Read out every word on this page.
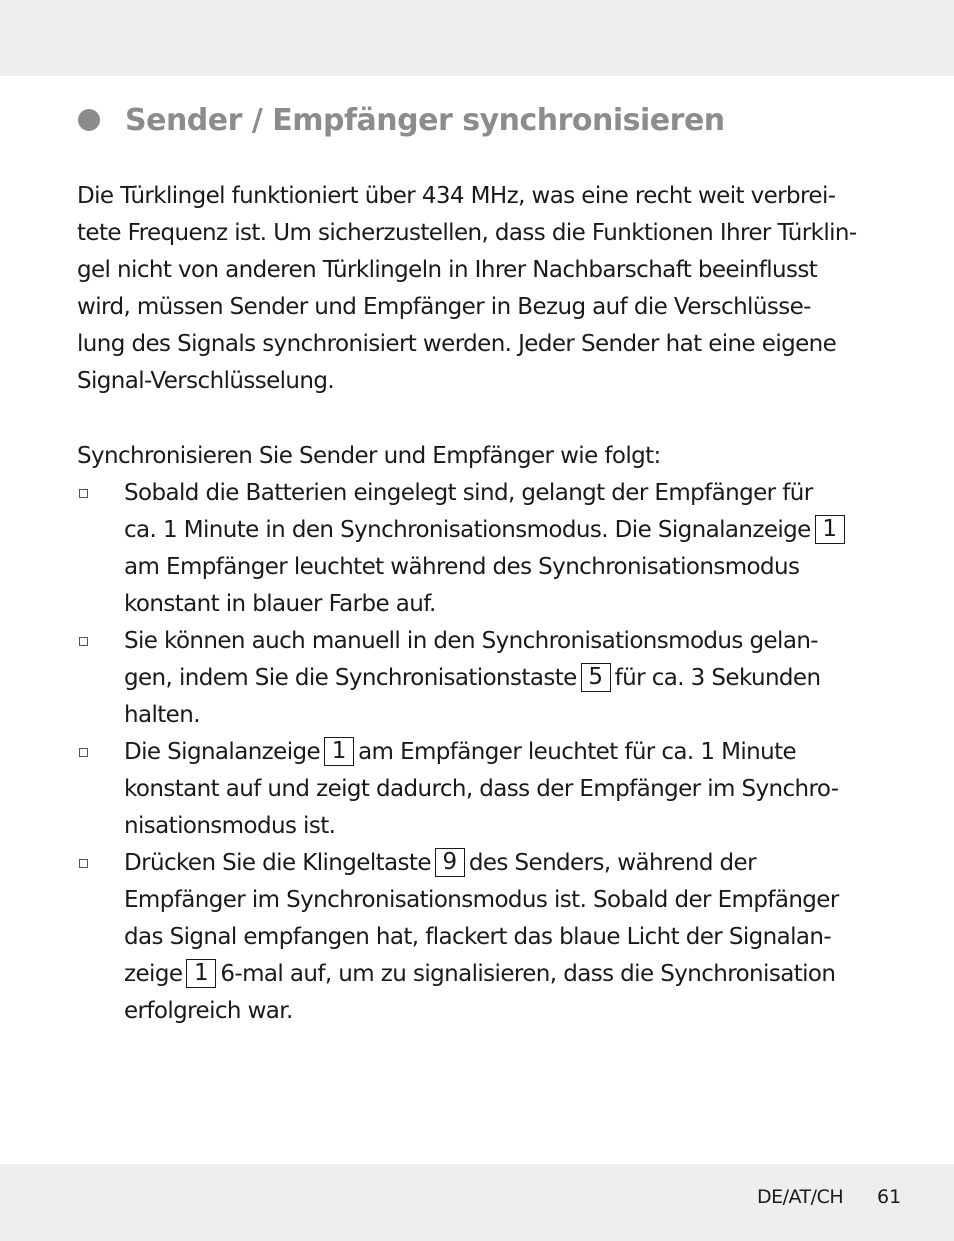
Sender / Empfänger synchronisieren

Die Türklingel funktioniert über 434 MHz, was eine recht weit verbrei-
tete Frequenz ist. Um sicherzustellen, dass die Funktionen Ihrer Türklin-
gel nicht von anderen Türklingeln in Ihrer Nachbarschaft beeinflusst
wird, müssen Sender und Empfänger in Bezug auf die Verschlüsse-
lung des Signals synchronisiert werden. Jeder Sender hat eine eigene
Signal-Verschlüsselung.

Synchronisieren Sie Sender und Empfänger wie folgt:

Sobald die Batterien eingelegt sind, gelangt der Empfänger für
ca. 1 Minute in den Synchronisationsmodus. Die Signalanzeige 1
am Empfänger leuchtet während des Synchronisationsmodus
konstant in blauer Farbe auf.
Sie können auch manuell in den Synchronisationsmodus gelan-
gen, indem Sie die Synchronisationstaste 5 für ca. 3 Sekunden
halten.
Die Signalanzeige 1 am Empfänger leuchtet für ca. 1 Minute
konstant auf und zeigt dadurch, dass der Empfänger im Synchro-
nisationsmodus ist.
Drücken Sie die Klingeltaste 9 des Senders, während der
Empfänger im Synchronisationsmodus ist. Sobald der Empfänger
das Signal empfangen hat, flackert das blaue Licht der Signalan-
zeige 1 6-mal auf, um zu signalisieren, dass die Synchronisation
erfolgreich war.
DE/AT/CH 61
